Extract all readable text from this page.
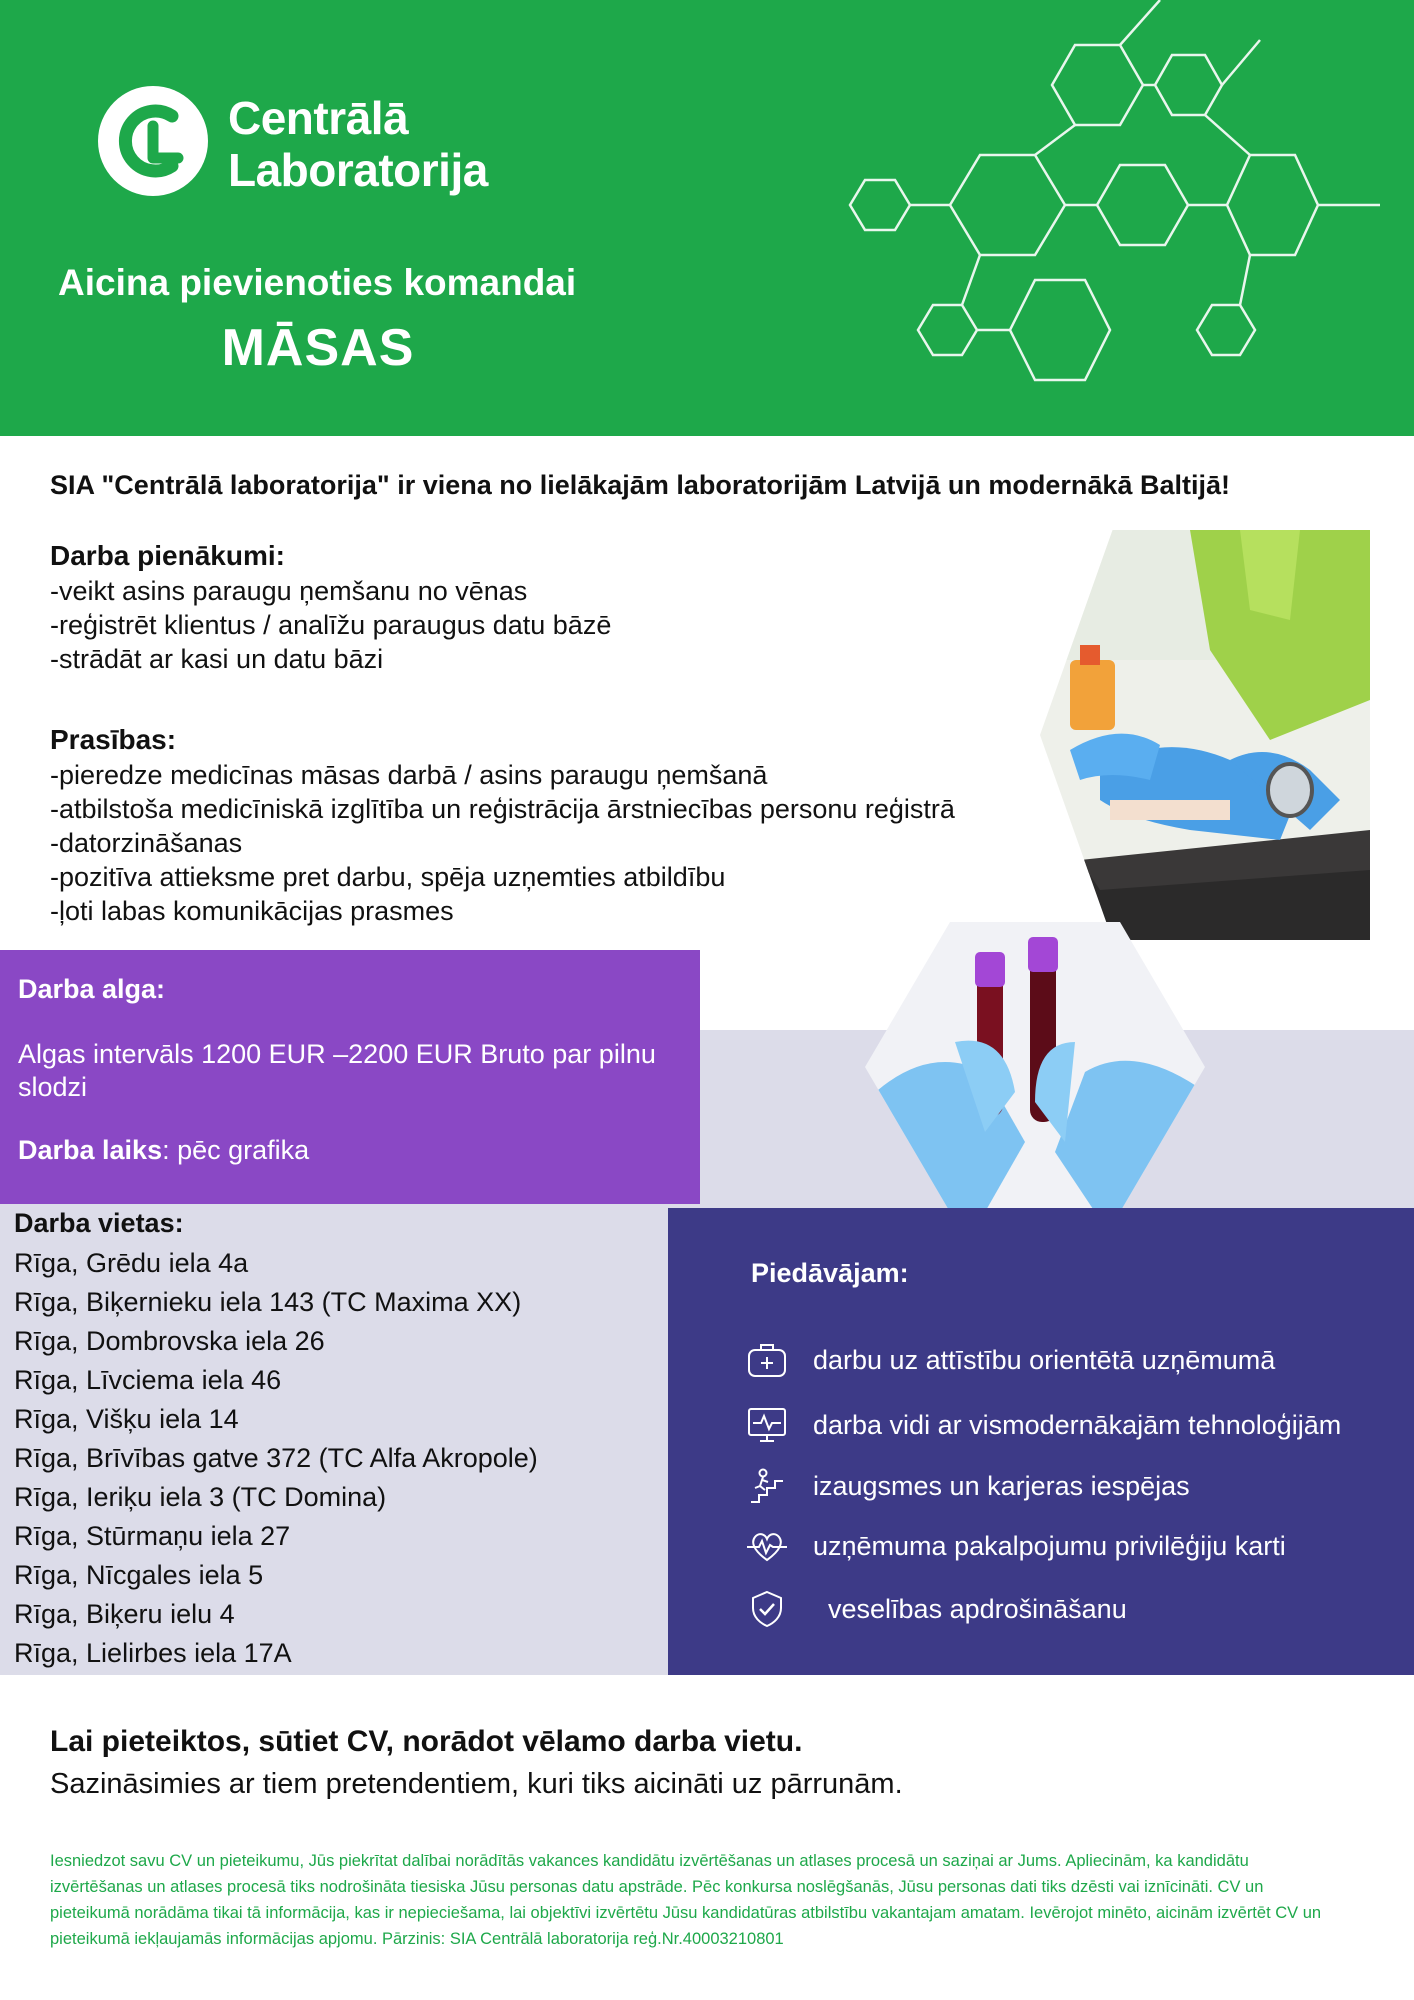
Centrālā
Laboratorija
Aicina pievienoties komandai
MĀSAS
SIA "Centrālā laboratorija" ir viena no lielākajām laboratorijām Latvijā un modernākā Baltijā!
Darba pienākumi:
-veikt asins paraugu ņemšanu no vēnas
-reģistrēt klientus / analīžu paraugus datu bāzē
-strādāt ar kasi un datu bāzi
Prasības:
-pieredze medicīnas māsas darbā / asins paraugu ņemšanā
-atbilstoša medicīniskā izglītība un reģistrācija ārstniecības personu reģistrā
-datorzināšanas
-pozitīva attieksme pret darbu, spēja uzņemties atbildību
-ļoti labas komunikācijas prasmes
Darba alga:
Algas intervāls 1200 EUR –2200 EUR Bruto par pilnu slodzi
Darba laiks: pēc grafika
Darba vietas:
Rīga, Grēdu iela 4a
Rīga, Biķernieku iela 143 (TC Maxima XX)
Rīga, Dombrovska iela 26
Rīga, Līvciema iela 46
Rīga, Višķu iela 14
Rīga, Brīvības gatve 372 (TC Alfa Akropole)
Rīga, Ieriķu iela 3 (TC Domina)
Rīga, Stūrmaņu iela 27
Rīga, Nīcgales iela 5
Rīga, Biķeru ielu 4
Rīga, Lielirbes iela 17A
Piedāvājam:
darbu uz attīstību orientētā uzņēmumā
darba vidi ar vismodernākajām tehnoloģijām
izaugsmes un karjeras iespējas
uzņēmuma pakalpojumu privilēģiju karti
veselības apdrošināšanu
Lai pieteiktos, sūtiet CV, norādot vēlamo darba vietu.
Sazināsimies ar tiem pretendentiem, kuri tiks aicināti uz pārrunām.
Iesniedzot savu CV un pieteikumu, Jūs piekrītat dalībai norādītās vakances kandidātu izvērtēšanas un atlases procesā un saziņai ar Jums. Apliecinām, ka kandidātu izvērtēšanas un atlases procesā tiks nodrošināta tiesiska Jūsu personas datu apstrāde. Pēc konkursa noslēgšanās, Jūsu personas dati tiks dzēsti vai iznīcināti. CV un pieteikumā norādāma tikai tā informācija, kas ir nepieciešama, lai objektīvi izvērtētu Jūsu kandidatūras atbilstību vakantajam amatam. Ievērojot minēto, aicinām izvērtēt CV un pieteikumā iekļaujamās informācijas apjomu. Pārzinis: SIA Centrālā laboratorija reģ.Nr.40003210801
